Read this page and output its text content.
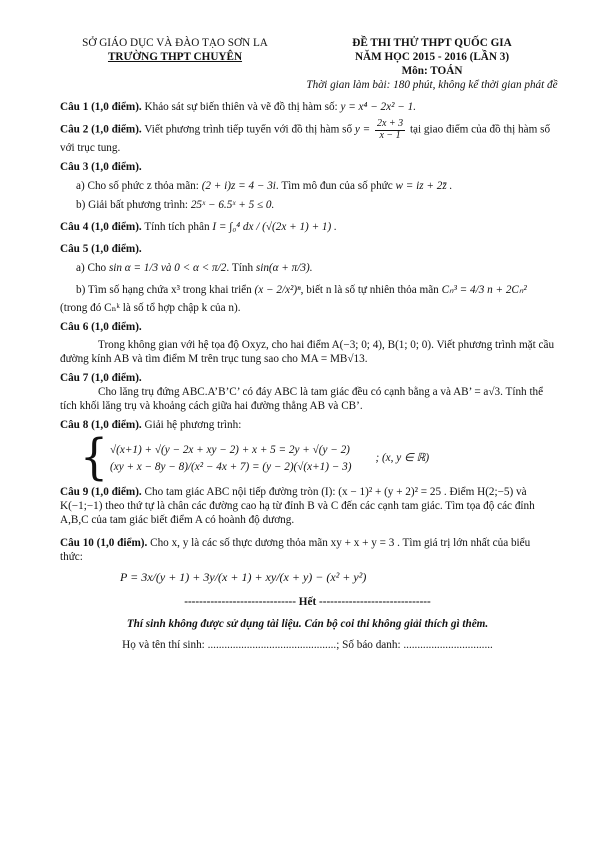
SỞ GIÁO DỤC VÀ ĐÀO TẠO SƠN LA
TRƯỜNG THPT CHUYÊN
ĐỀ THI THỬ THPT QUỐC GIA
NĂM HỌC 2015 - 2016 (LẦN 3)
Môn: TOÁN
Thời gian làm bài: 180 phút, không kể thời gian phát đề
Câu 1 (1,0 điểm). Khảo sát sự biến thiên và vẽ đồ thị hàm số: y = x⁴ − 2x² − 1.
Câu 2 (1,0 điểm). Viết phương trình tiếp tuyến với đồ thị hàm số $y = \frac{2x + 3}{x - 1}$ tại giao điểm của đồ thị hàm số với trục tung.
Câu 3 (1,0 điểm).
a) Cho số phức z thỏa mãn: (2 + i)z = 4 − 3i. Tìm mô đun của số phức w = iz + 2z̄ .
b) Giải bất phương trình: 25ˣ − 6.5ˣ + 5 ≤ 0.
Câu 4 (1,0 điểm). Tính tích phân I = ∫₀⁴ dx / (√(2x + 1) + 1) .
Câu 5 (1,0 điểm).
a) Cho sin α = 1/3 và 0 < α < π/2. Tính sin(α + π/3).
b) Tìm số hạng chứa x³ trong khai triển (x − 2/x²)ⁿ, biết n là số tự nhiên thỏa mãn Cₙ³ = 4/3 n + 2Cₙ²
(trong đó Cₙᵏ là số tổ hợp chập k của n).
Câu 6 (1,0 điểm).
Trong không gian với hệ tọa độ Oxyz, cho hai điểm A(−3; 0; 4), B(1; 0; 0). Viết phương trình mặt cầu đường kính AB và tìm điểm M trên trục tung sao cho MA = MB√13.
Câu 7 (1,0 điểm).
Cho lăng trụ đứng ABC.A’B’C’ có đáy ABC là tam giác đều có cạnh bằng a và AB’ = a√3. Tính thể tích khối lăng trụ và khoảng cách giữa hai đường thẳng AB và CB’.
Câu 8 (1,0 điểm). Giải hệ phương trình:
{ √(x+1) + √(y − 2x + xy − 2) + x + 5 = 2y + √(y − 2)
(xy + x − 8y − 8)/(x² − 4x + 7) = (y − 2)(√(x+1) − 3)
; (x, y ∈ ℝ)
Câu 9 (1,0 điểm). Cho tam giác ABC nội tiếp đường tròn (I): (x − 1)² + (y + 2)² = 25 . Điểm H(2;−5) và K(−1;−1) theo thứ tự là chân các đường cao hạ từ đỉnh B và C đến các cạnh tam giác. Tìm tọa độ các đỉnh A,B,C của tam giác biết điểm A có hoành độ dương.
Câu 10 (1,0 điểm). Cho x, y là các số thực dương thỏa mãn xy + x + y = 3 . Tìm giá trị lớn nhất của biểu thức:
P = 3x/(y + 1) + 3y/(x + 1) + xy/(x + y) − (x² + y²)
------------------------------ Hết ------------------------------
Thí sinh không được sử dụng tài liệu. Cán bộ coi thi không giải thích gì thêm.
Họ và tên thí sinh: ..............................................; Số báo danh: ................................
